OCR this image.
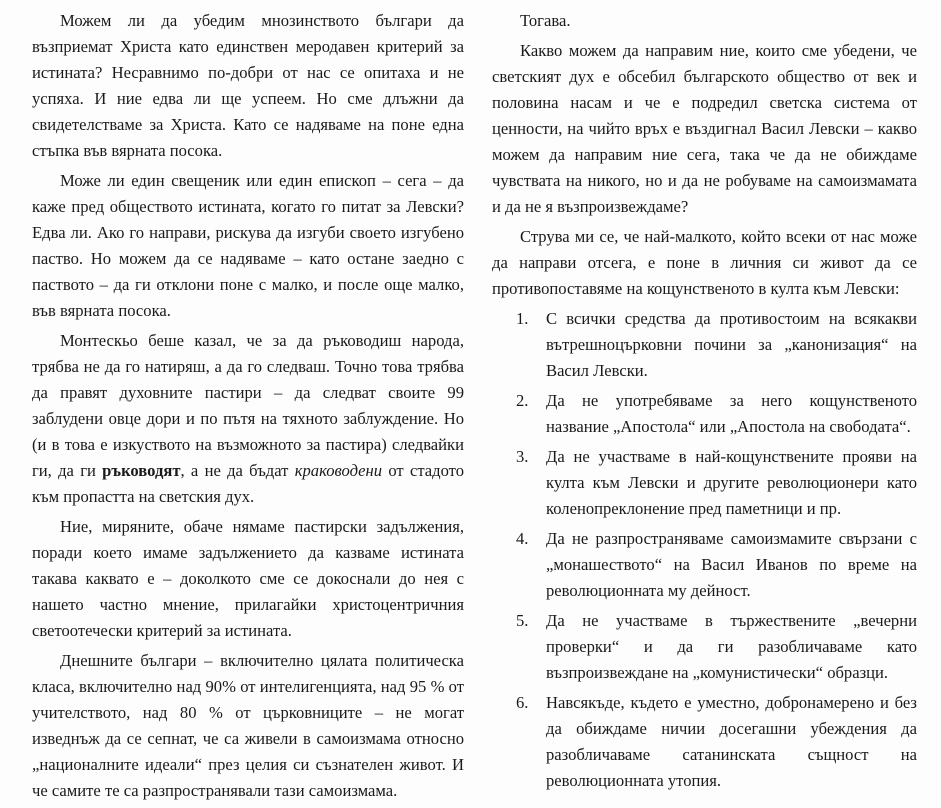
Можем ли да убедим мнозинството българи да възприемат Христа като единствен меродавен критерий за истината? Несравнимо по-добри от нас се опитаха и не успяха. И ние едва ли ще успеем. Но сме длъжни да свидетелстваме за Христа. Като се надяваме на поне една стъпка във вярната посока.

Може ли един свещеник или един епископ – сега – да каже пред обществото истината, когато го питат за Левски? Едва ли. Ако го направи, рискува да изгуби своето изгубено паство. Но можем да се надяваме – като остане заедно с паството – да ги отклони поне с малко, и после още малко, във вярната посока.

Монтескьо беше казал, че за да ръководиш народа, трябва не да го натиряш, а да го следваш. Точно това трябва да правят духовните пастири – да следват своите 99 заблудени овце дори и по пътя на тяхното заблуждение. Но (и в това е изкуството на възможното за пастира) следвайки ги, да ги ръководят, а не да бъдат краководени от стадото към пропастта на светския дух.

Ние, миряните, обаче нямаме пастирски задължения, поради което имаме задължението да казваме истината такава каквато е – доколкото сме се докоснали до нея с нашето частно мнение, прилагайки христоцентричния светоотечески критерий за истината.

Днешните българи – включително цялата политическа класа, включително над 90% от интелигенцията, над 95 % от учителството, над 80 % от църковниците – не могат изведнъж да се сепнат, че са живели в самоизмама относно „националните идеали“ през целия си съзнателен живот. И че самите те са разпространявали тази самоизмама.

Тогава.

Какво можем да направим ние, които сме убедени, че светският дух е обсебил българското общество от век и половина насам и че е подредил светска система от ценности, на чийто връх е въздигнал Васил Левски – какво можем да направим ние сега, така че да не обиждаме чувствата на никого, но и да не робуваме на самоизмамата и да не я възпроизвеждаме?

Струва ми се, че най-малкото, който всеки от нас може да направи отсега, е поне в личния си живот да се противопоставяме на кощунственото в култа към Левски:

1. С всички средства да противостоим на всякакви вътрешноцърковни почини за „канонизация“ на Васил Левски.
2. Да не употребяваме за него кощунственото название „Апостола“ или „Апостола на свободата“.
3. Да не участваме в най-кощунствените прояви на култа към Левски и другите революционери като коленопреклонение пред паметници и пр.
4. Да не разпространяваме самоизмамите свързани с „монашеството“ на Васил Иванов по време на революционната му дейност.
5. Да не участваме в тържествените „вечерни проверки“ и да ги разобличаваме като възпроизвеждане на „комунистически“ образци.
6. Навсякъде, където е уместно, добронамерено и без да обиждаме ничии досегашни убеждения да разобличаваме сатанинската същност на революционната утопия.
